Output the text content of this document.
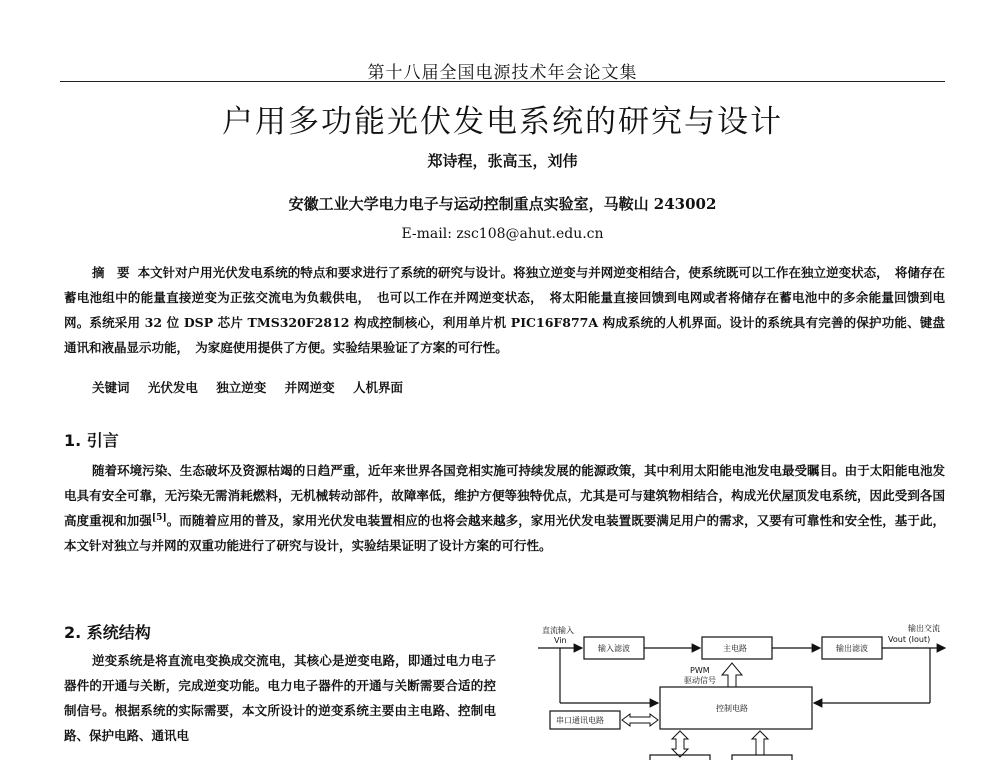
第十八届全国电源技术年会论文集
户用多功能光伏发电系统的研究与设计
郑诗程，张高玉，刘伟
安徽工业大学电力电子与运动控制重点实验室，马鞍山 243002
E-mail: zsc108@ahut.edu.cn
摘　要 本文针对户用光伏发电系统的特点和要求进行了系统的研究与设计。将独立逆变与并网逆变相结合，使系统既可以工作在独立逆变状态，　将储存在蓄电池组中的能量直接逆变为正弦交流电为负载供电，　也可以工作在并网逆变状态，　将太阳能量直接回馈到电网或者将储存在蓄电池中的多余能量回馈到电网。系统采用 32 位 DSP 芯片 TMS320F2812 构成控制核心，利用单片机 PIC16F877A 构成系统的人机界面。设计的系统具有完善的保护功能、键盘通讯和液晶显示功能，　为家庭使用提供了方便。实验结果验证了方案的可行性。
关键词 光伏发电 独立逆变 并网逆变 人机界面
1. 引言
随着环境污染、生态破坏及资源枯竭的日趋严重，近年来世界各国竞相实施可持续发展的能源政策，其中利用太阳能电池发电最受瞩目。由于太阳能电池发电具有安全可靠，无污染无需消耗燃料，无机械转动部件，故障率低，维护方便等独特优点，尤其是可与建筑物相结合，构成光伏屋顶发电系统，因此受到各国高度重视和加强[5]。而随着应用的普及，家用光伏发电装置相应的也将会越来越多，家用光伏发电装置既要满足用户的需求，又要有可靠性和安全性，基于此，本文针对独立与并网的双重功能进行了研究与设计，实验结果证明了设计方案的可行性。
2. 系统结构
逆变系统是将直流电变换成交流电，其核心是逆变电路，即通过电力电子器件的开通与关断，完成逆变功能。电力电子器件的开通与关断需要合适的控制信号。根据系统的实际需要，本文所设计的逆变系统主要由主电路、控制电路、保护电路、通讯电
直流输入
Vin
输入滤波	主电路	输出滤波
输出交流
Vout (Iout)
PWM
驱动信号
控制电路
串口通讯电路
